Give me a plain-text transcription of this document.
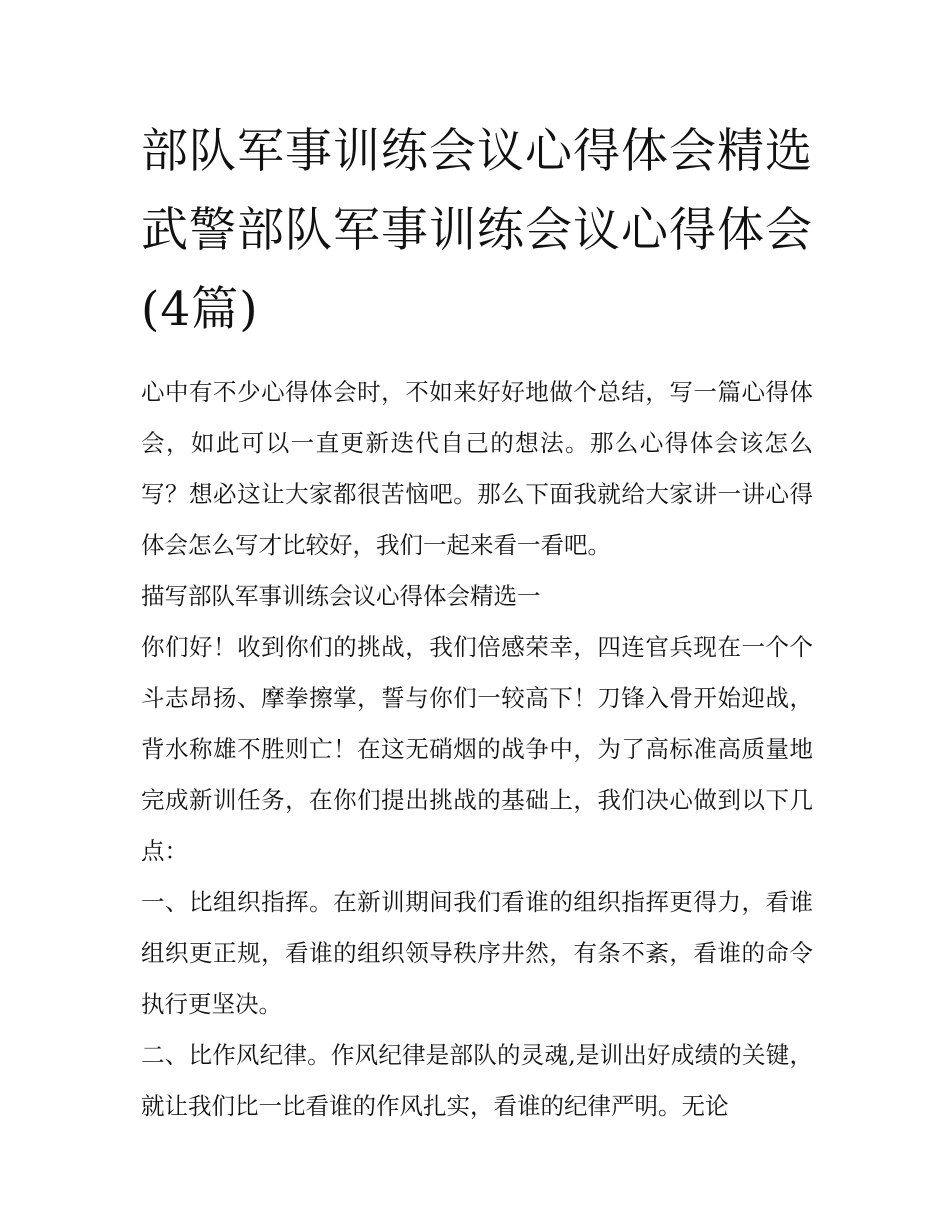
部队军事训练会议心得体会精选 武警部队军事训练会议心得体会(4篇)

心中有不少心得体会时，不如来好好地做个总结，写一篇心得体会，如此可以一直更新迭代自己的想法。那么心得体会该怎么写？想必这让大家都很苦恼吧。那么下面我就给大家讲一讲心得体会怎么写才比较好，我们一起来看一看吧。

描写部队军事训练会议心得体会精选一

你们好！收到你们的挑战，我们倍感荣幸，四连官兵现在一个个斗志昂扬、摩拳擦掌，誓与你们一较高下！刀锋入骨开始迎战，背水称雄不胜则亡！在这无硝烟的战争中，为了高标准高质量地完成新训任务，在你们提出挑战的基础上，我们决心做到以下几点：

一、比组织指挥。在新训期间我们看谁的组织指挥更得力，看谁组织更正规，看谁的组织领导秩序井然，有条不紊，看谁的命令执行更坚决。

二、比作风纪律。作风纪律是部队的灵魂,是训出好成绩的关键，就让我们比一比看谁的作风扎实，看谁的纪律严明。无论
